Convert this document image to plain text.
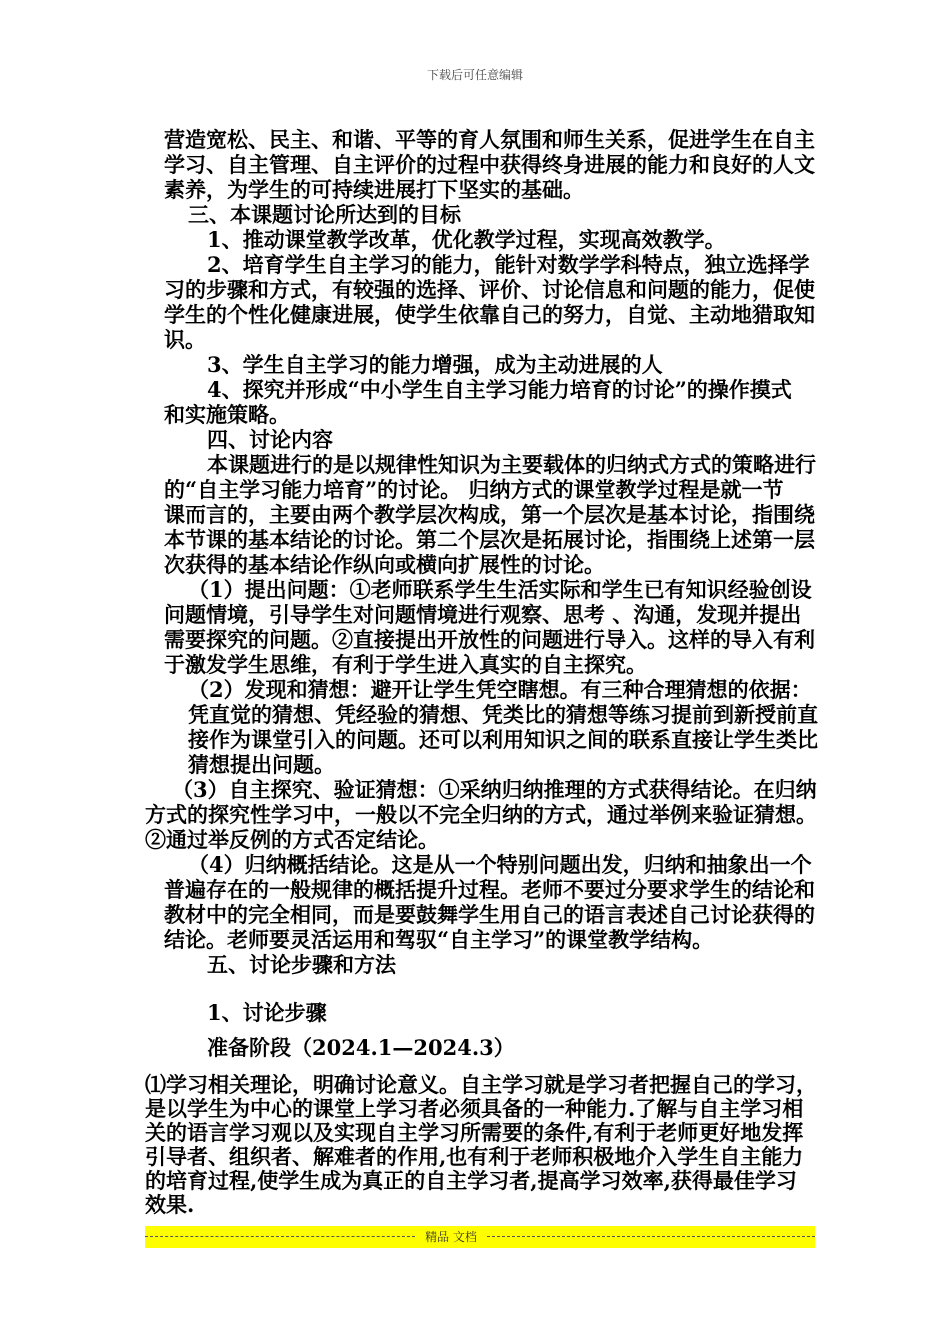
下载后可任意编辑
营造宽松、民主、和谐、平等的育人氛围和师生关系，促进学生在自主
学习、自主管理、自主评价的过程中获得终身进展的能力和良好的人文
素养，为学生的可持续进展打下坚实的基础。
三、本课题讨论所达到的目标
1、推动课堂教学改革，优化教学过程，实现高效教学。
2、培育学生自主学习的能力，能针对数学学科特点，独立选择学
习的步骤和方式，有较强的选择、评价、讨论信息和问题的能力，促使
学生的个性化健康进展，使学生依靠自己的努力，自觉、主动地猎取知
识。
3、学生自主学习的能力增强，成为主动进展的人
4、探究并形成“中小学生自主学习能力培育的讨论”的操作摸式
和实施策略。
四、讨论内容
本课题进行的是以规律性知识为主要载体的归纳式方式的策略进行
的“自主学习能力培育”的讨论。 归纳方式的课堂教学过程是就一节
课而言的，主要由两个教学层次构成，第一个层次是基本讨论，指围绕
本节课的基本结论的讨论。第二个层次是拓展讨论，指围绕上述第一层
次获得的基本结论作纵向或横向扩展性的讨论。
（1）提出问题：①老师联系学生生活实际和学生已有知识经验创设
问题情境，引导学生对问题情境进行观察、思考 、沟通，发现并提出
需要探究的问题。②直接提出开放性的问题进行导入。这样的导入有利
于激发学生思维，有利于学生进入真实的自主探究。
（2）发现和猜想：避开让学生凭空瞎想。有三种合理猜想的依据：
凭直觉的猜想、凭经验的猜想、凭类比的猜想等练习提前到新授前直
接作为课堂引入的问题。还可以利用知识之间的联系直接让学生类比
猜想提出问题。
（3）自主探究、验证猜想：①采纳归纳推理的方式获得结论。在归纳
方式的探究性学习中，一般以不完全归纳的方式，通过举例来验证猜想。
②通过举反例的方式否定结论。
（4）归纳概括结论。这是从一个特别问题出发，归纳和抽象出一个
普遍存在的一般规律的概括提升过程。老师不要过分要求学生的结论和
教材中的完全相同，而是要鼓舞学生用自己的语言表述自己讨论获得的
结论。老师要灵活运用和驾驭“自主学习”的课堂教学结构。
五、讨论步骤和方法
1、讨论步骤
准备阶段（2024.1—2024.3）
⑴学习相关理论，明确讨论意义。自主学习就是学习者把握自己的学习，
是以学生为中心的课堂上学习者必须具备的一种能力.了解与自主学习相
关的语言学习观以及实现自主学习所需要的条件,有利于老师更好地发挥
引导者、组织者、解难者的作用,也有利于老师积极地介入学生自主能力
的培育过程,使学生成为真正的自主学习者,提高学习效率,获得最佳学习
效果.
精品 文档
